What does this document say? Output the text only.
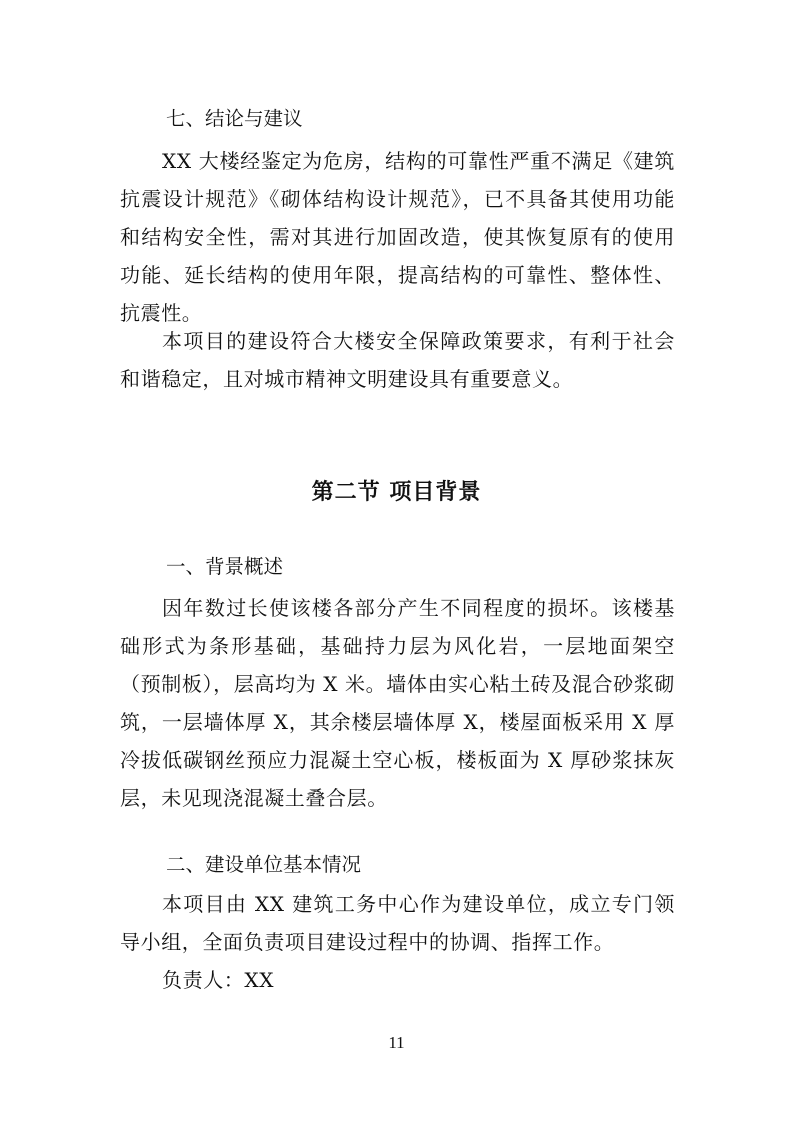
七、结论与建议
XX 大楼经鉴定为危房，结构的可靠性严重不满足《建筑抗震设计规范》《砌体结构设计规范》，已不具备其使用功能和结构安全性，需对其进行加固改造，使其恢复原有的使用功能、延长结构的使用年限，提高结构的可靠性、整体性、抗震性。
本项目的建设符合大楼安全保障政策要求，有利于社会和谐稳定，且对城市精神文明建设具有重要意义。
第二节 项目背景
一、背景概述
因年数过长使该楼各部分产生不同程度的损坏。该楼基础形式为条形基础，基础持力层为风化岩，一层地面架空（预制板），层高均为 X 米。墙体由实心粘土砖及混合砂浆砌筑，一层墙体厚 X，其余楼层墙体厚 X，楼屋面板采用 X 厚冷拔低碳钢丝预应力混凝土空心板，楼板面为 X 厚砂浆抹灰层，未见现浇混凝土叠合层。
二、建设单位基本情况
本项目由 XX 建筑工务中心作为建设单位，成立专门领导小组，全面负责项目建设过程中的协调、指挥工作。
负责人：XX
11
